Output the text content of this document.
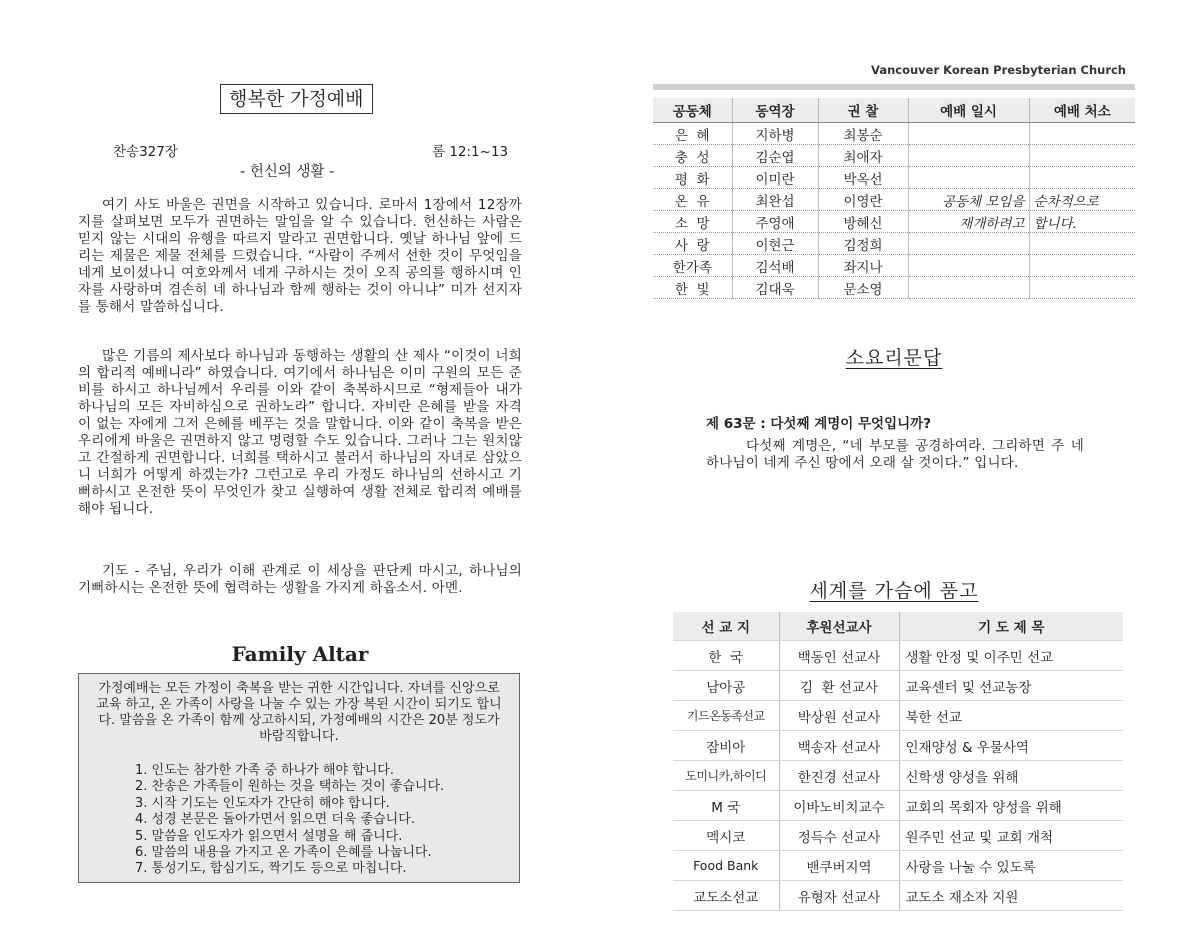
행복한 가정예배
찬송327장	롬 12:1~13
- 헌신의 생활 -

여기 사도 바울은 권면을 시작하고 있습니다. 로마서 1장에서 12장까지를 살펴보면 모두가 권면하는 말임을 알 수 있습니다. 헌신하는 사람은 믿지 않는 시대의 유행을 따르지 말라고 권면합니다. 옛날 하나님 앞에 드리는 제물은 제물 전체를 드렸습니다. “사람이 주께서 선한 것이 무엇임을 네게 보이셨나니 여호와께서 네게 구하시는 것이 오직 공의를 행하시며 인자를 사랑하며 겸손히 네 하나님과 함께 행하는 것이 아니냐” 미가 선지자를 통해서 말씀하십니다.

많은 기름의 제사보다 하나님과 동행하는 생활의 산 제사 “이것이 너희의 합리적 예배니라” 하였습니다. 여기에서 하나님은 이미 구원의 모든 준비를 하시고 하나님께서 우리를 이와 같이 축복하시므로 “형제들아 내가 하나님의 모든 자비하심으로 권하노라” 합니다. 자비란 은혜를 받을 자격이 없는 자에게 그저 은혜를 베푸는 것을 말합니다. 이와 같이 축복을 받은 우리에게 바울은 권면하지 않고 명령할 수도 있습니다. 그러나 그는 원치않고 간절하게 권면합니다. 너희를 택하시고 불러서 하나님의 자녀로 삼았으니 너희가 어떻게 하겠는가? 그런고로 우리 가정도 하나님의 선하시고 기뻐하시고 온전한 뜻이 무엇인가 찾고 실행하여 생활 전체로 합리적 예배를 해야 됩니다.

기도 - 주님, 우리가 이해 관계로 이 세상을 판단케 마시고, 하나님의 기뻐하시는 온전한 뜻에 협력하는 생활을 가지게 하옵소서. 아멘.

Family Altar
가정예배는 모든 가정이 축복을 받는 귀한 시간입니다. 자녀를 신앙으로 교육 하고, 온 가족이 사랑을 나눌 수 있는 가장 복된 시간이 되기도 합니다. 말씀을 온 가족이 함께 상고하시되, 가정예배의 시간은 20분 정도가 바람직합니다.
1. 인도는 참가한 가족 중 하나가 해야 합니다.
2. 찬송은 가족들이 원하는 것을 택하는 것이 좋습니다.
3. 시작 기도는 인도자가 간단히 해야 합니다.
4. 성경 본문은 돌아가면서 읽으면 더욱 좋습니다.
5. 말씀을 인도자가 읽으면서 설명을 해 줍니다.
6. 말씀의 내용을 가지고 온 가족이 은혜를 나눕니다.
7. 통성기도, 합심기도, 짝기도 등으로 마칩니다.
Vancouver Korean Presbyterian Church
공동체	동역장	권 찰	예배 일시	예배 처소
은  혜	지하병	최봉순		
충  성	김순엽	최애자		
평  화	이미란	박옥선		
온  유	최완섭	이영란	공동체 모임을	순차적으로
소  망	주영애	방혜신	재개하려고	합니다.
사  랑	이현근	김정희		
한가족	김석배	좌지나		
한  빛	김대욱	문소영		
소요리문답
제 63문 : 다섯째 계명이 무엇입니까?

다섯째 계명은, “네 부모를 공경하여라. 그리하면 주 네 하나님이 네게 주신 땅에서 오래 살 것이다.” 입니다.

세계를 가슴에 품고
선 교 지	후원선교사	기 도 제 목
한  국	백동인 선교사	생활 안정 및 이주민 선교
남아공	김  환 선교사	교육센터 및 선교농장
기드온동족선교	박상원 선교사	북한 선교
잠비아	백송자 선교사	인재양성 & 우물사역
도미니카,하이디	한진경 선교사	신학생 양성을 위해
M 국	이바노비치교수	교회의 목회자 양성을 위해
멕시코	정득수 선교사	원주민 선교 및 교회 개척
Food Bank	밴쿠버지역	사랑을 나눌 수 있도록
교도소선교	유형자 선교사	교도소 재소자 지원
